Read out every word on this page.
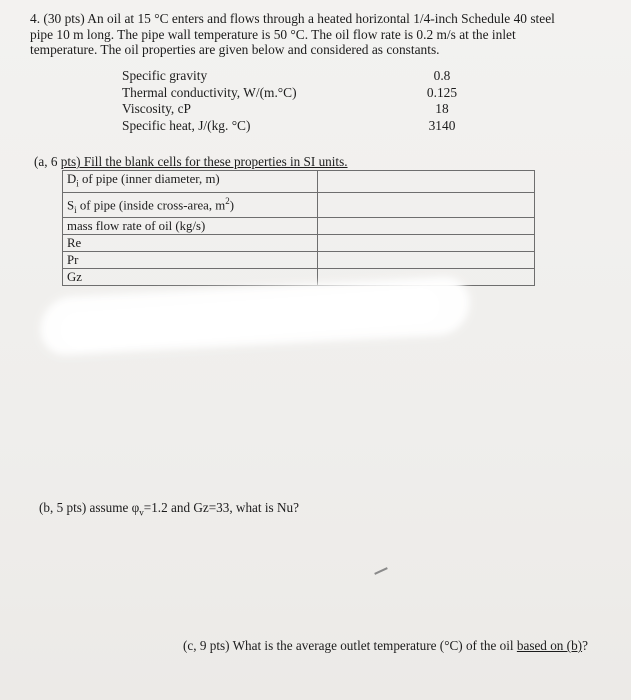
4. (30 pts) An oil at 15 °C enters and flows through a heated horizontal 1/4-inch Schedule 40 steel
pipe 10 m long. The pipe wall temperature is 50 °C. The oil flow rate is 0.2 m/s at the inlet
temperature. The oil properties are given below and considered as constants.
Specific gravity	0.8
Thermal conductivity, W/(m.°C)	0.125
Viscosity, cP	18
Specific heat, J/(kg. °C)	3140
(a, 6 pts) Fill the blank cells for these properties in SI units.
$D_i$ of pipe (inner diameter, m)	
$S_i$ of pipe (inside cross-area, $m^2$)	
mass flow rate of oil (kg/s)	
Re	
Pr	
Gz	
(b, 5 pts) assume $\varphi_v=1.2$ and Gz=33, what is Nu?
(c, 9 pts) What is the average outlet temperature (°C) of the oil based on (b)?
